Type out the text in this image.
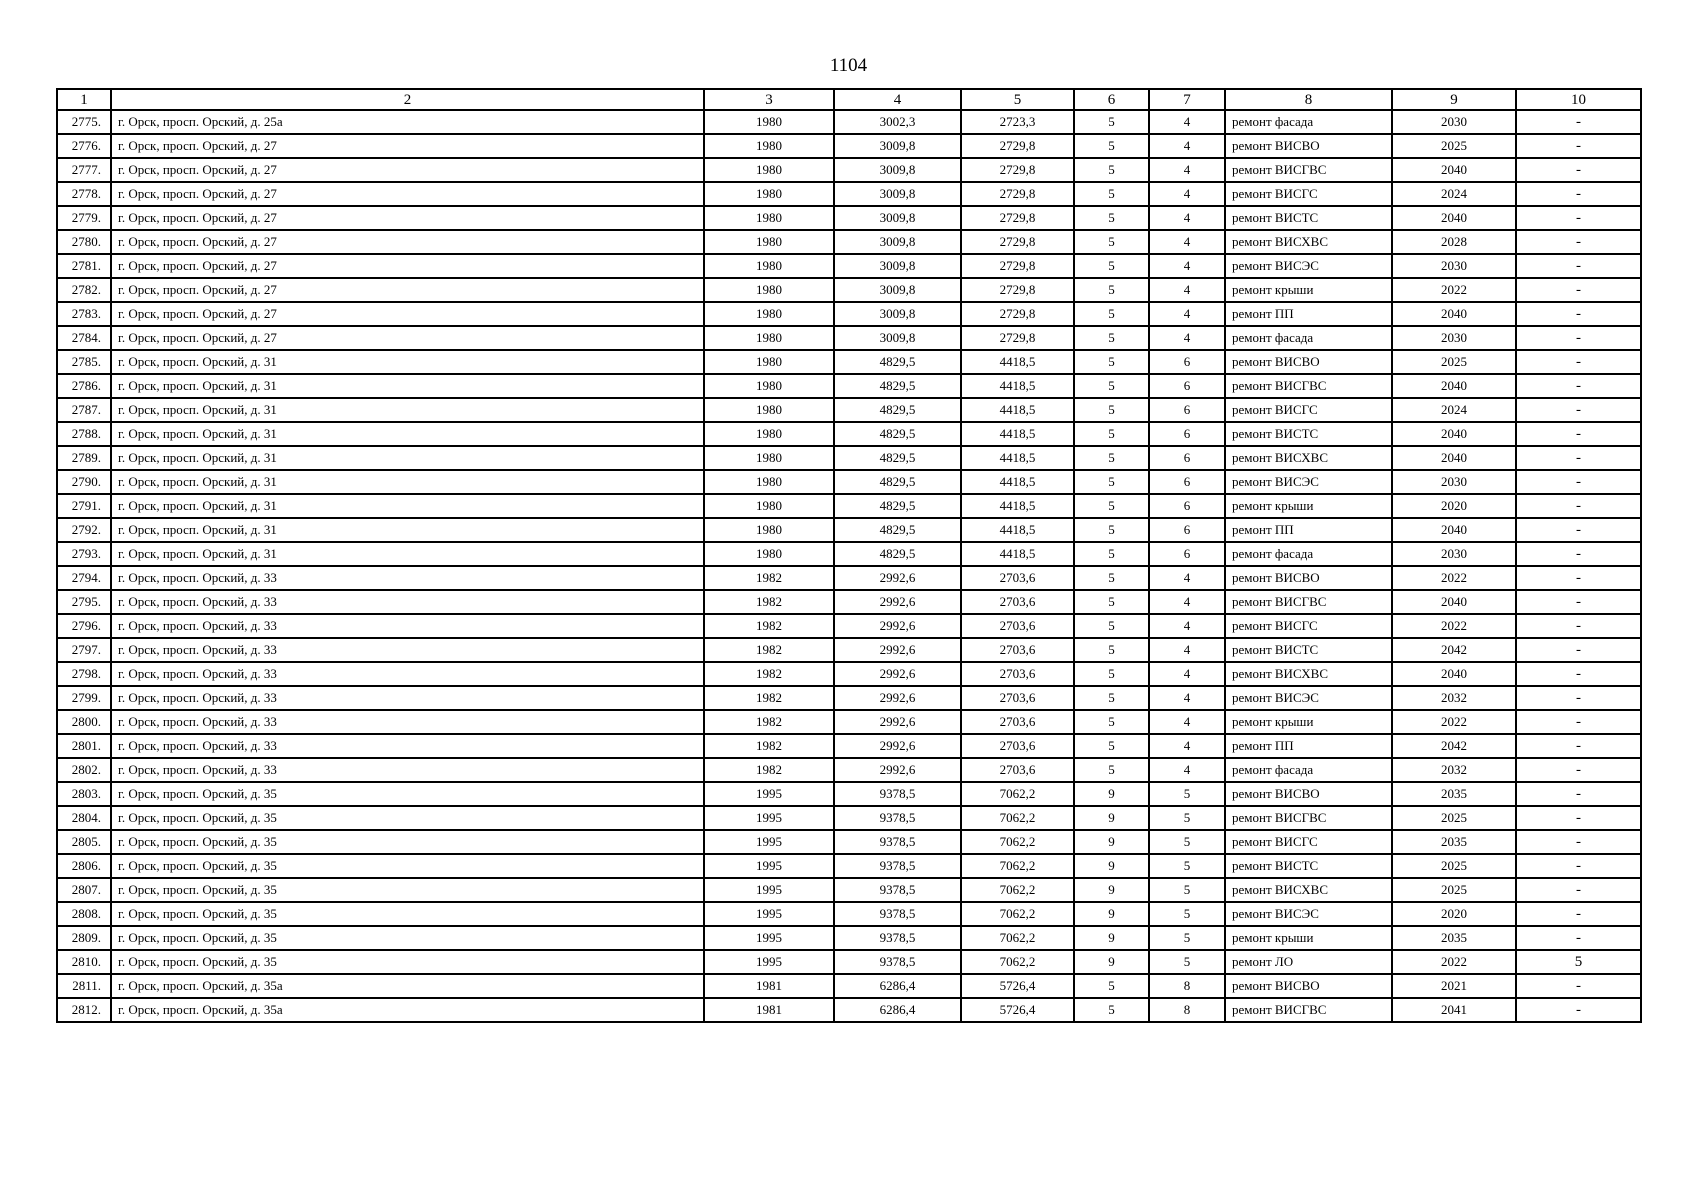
1104
1	2	3	4	5	6	7	8	9	10
2775.	г. Орск, просп. Орский, д. 25а	1980	3002,3	2723,3	5	4	ремонт фасада	2030	-
2776.	г. Орск, просп. Орский, д. 27	1980	3009,8	2729,8	5	4	ремонт ВИСВО	2025	-
2777.	г. Орск, просп. Орский, д. 27	1980	3009,8	2729,8	5	4	ремонт ВИСГВС	2040	-
2778.	г. Орск, просп. Орский, д. 27	1980	3009,8	2729,8	5	4	ремонт ВИСГС	2024	-
2779.	г. Орск, просп. Орский, д. 27	1980	3009,8	2729,8	5	4	ремонт ВИСТС	2040	-
2780.	г. Орск, просп. Орский, д. 27	1980	3009,8	2729,8	5	4	ремонт ВИСХВС	2028	-
2781.	г. Орск, просп. Орский, д. 27	1980	3009,8	2729,8	5	4	ремонт ВИСЭС	2030	-
2782.	г. Орск, просп. Орский, д. 27	1980	3009,8	2729,8	5	4	ремонт крыши	2022	-
2783.	г. Орск, просп. Орский, д. 27	1980	3009,8	2729,8	5	4	ремонт ПП	2040	-
2784.	г. Орск, просп. Орский, д. 27	1980	3009,8	2729,8	5	4	ремонт фасада	2030	-
2785.	г. Орск, просп. Орский, д. 31	1980	4829,5	4418,5	5	6	ремонт ВИСВО	2025	-
2786.	г. Орск, просп. Орский, д. 31	1980	4829,5	4418,5	5	6	ремонт ВИСГВС	2040	-
2787.	г. Орск, просп. Орский, д. 31	1980	4829,5	4418,5	5	6	ремонт ВИСГС	2024	-
2788.	г. Орск, просп. Орский, д. 31	1980	4829,5	4418,5	5	6	ремонт ВИСТС	2040	-
2789.	г. Орск, просп. Орский, д. 31	1980	4829,5	4418,5	5	6	ремонт ВИСХВС	2040	-
2790.	г. Орск, просп. Орский, д. 31	1980	4829,5	4418,5	5	6	ремонт ВИСЭС	2030	-
2791.	г. Орск, просп. Орский, д. 31	1980	4829,5	4418,5	5	6	ремонт крыши	2020	-
2792.	г. Орск, просп. Орский, д. 31	1980	4829,5	4418,5	5	6	ремонт ПП	2040	-
2793.	г. Орск, просп. Орский, д. 31	1980	4829,5	4418,5	5	6	ремонт фасада	2030	-
2794.	г. Орск, просп. Орский, д. 33	1982	2992,6	2703,6	5	4	ремонт ВИСВО	2022	-
2795.	г. Орск, просп. Орский, д. 33	1982	2992,6	2703,6	5	4	ремонт ВИСГВС	2040	-
2796.	г. Орск, просп. Орский, д. 33	1982	2992,6	2703,6	5	4	ремонт ВИСГС	2022	-
2797.	г. Орск, просп. Орский, д. 33	1982	2992,6	2703,6	5	4	ремонт ВИСТС	2042	-
2798.	г. Орск, просп. Орский, д. 33	1982	2992,6	2703,6	5	4	ремонт ВИСХВС	2040	-
2799.	г. Орск, просп. Орский, д. 33	1982	2992,6	2703,6	5	4	ремонт ВИСЭС	2032	-
2800.	г. Орск, просп. Орский, д. 33	1982	2992,6	2703,6	5	4	ремонт крыши	2022	-
2801.	г. Орск, просп. Орский, д. 33	1982	2992,6	2703,6	5	4	ремонт ПП	2042	-
2802.	г. Орск, просп. Орский, д. 33	1982	2992,6	2703,6	5	4	ремонт фасада	2032	-
2803.	г. Орск, просп. Орский, д. 35	1995	9378,5	7062,2	9	5	ремонт ВИСВО	2035	-
2804.	г. Орск, просп. Орский, д. 35	1995	9378,5	7062,2	9	5	ремонт ВИСГВС	2025	-
2805.	г. Орск, просп. Орский, д. 35	1995	9378,5	7062,2	9	5	ремонт ВИСГС	2035	-
2806.	г. Орск, просп. Орский, д. 35	1995	9378,5	7062,2	9	5	ремонт ВИСТС	2025	-
2807.	г. Орск, просп. Орский, д. 35	1995	9378,5	7062,2	9	5	ремонт ВИСХВС	2025	-
2808.	г. Орск, просп. Орский, д. 35	1995	9378,5	7062,2	9	5	ремонт ВИСЭС	2020	-
2809.	г. Орск, просп. Орский, д. 35	1995	9378,5	7062,2	9	5	ремонт крыши	2035	-
2810.	г. Орск, просп. Орский, д. 35	1995	9378,5	7062,2	9	5	ремонт ЛО	2022	5
2811.	г. Орск, просп. Орский, д. 35а	1981	6286,4	5726,4	5	8	ремонт ВИСВО	2021	-
2812.	г. Орск, просп. Орский, д. 35а	1981	6286,4	5726,4	5	8	ремонт ВИСГВС	2041	-
